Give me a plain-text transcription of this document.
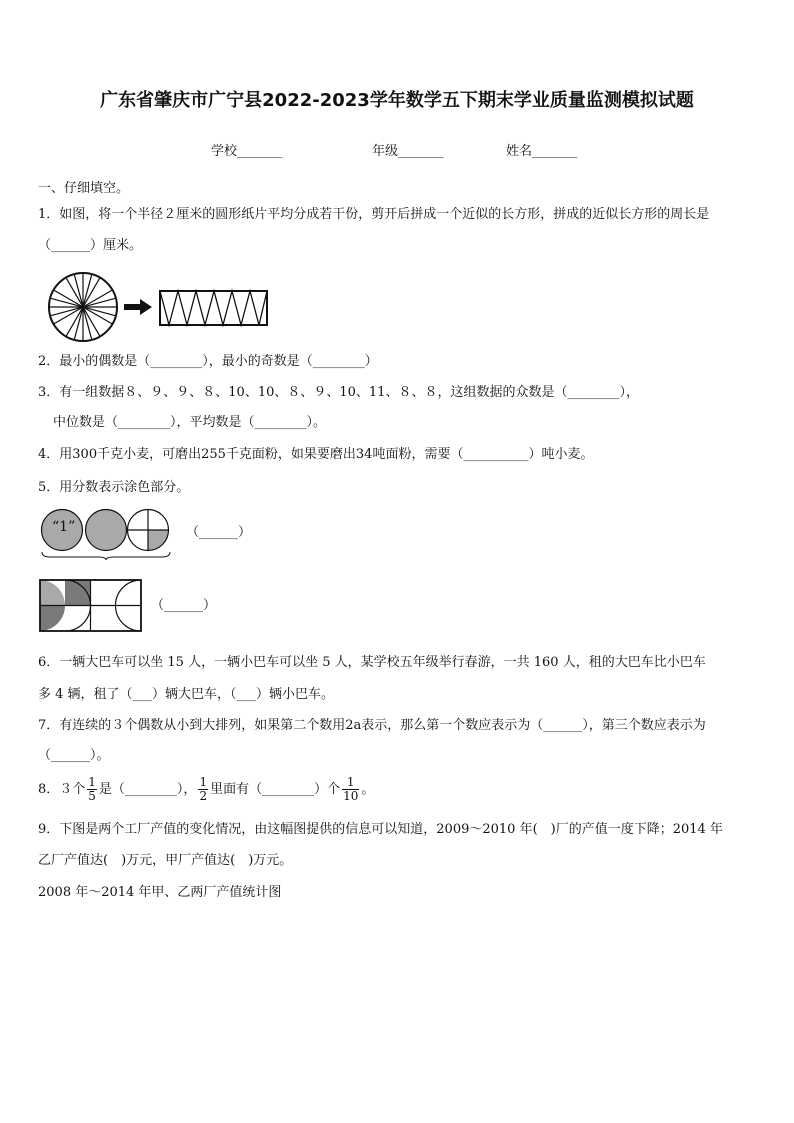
广东省肇庆市广宁县2022-2023学年数学五下期末学业质量监测模拟试题
学校_______	年级_______	姓名_______
一、仔细填空。
1．如图，将一个半径２厘米的圆形纸片平均分成若干份，剪开后拼成一个近似的长方形，拼成的近似长方形的周长是
（______）厘米。
2．最小的偶数是（________），最小的奇数是（________）
3．有一组数据８、９、９、８、10、10、８、９、10、11、８、８，这组数据的众数是（________），
中位数是（________），平均数是（________）。
4．用300千克小麦，可磨出255千克面粉，如果要磨出34吨面粉，需要（__________）吨小麦。
5．用分数表示涂色部分。
“1”	（______）
（______）
6．一辆大巴车可以坐 15 人，一辆小巴车可以坐 5 人，某学校五年级举行春游，一共 160 人，租的大巴车比小巴车
多 4 辆，租了（___）辆大巴车，（___）辆小巴车。
7．有连续的３个偶数从小到大排列，如果第二个数用2a表示，那么第一个数应表示为（______），第三个数应表示为
（______）。
8．３个 $\frac{1}{5}$ 是（________）， $\frac{1}{2}$ 里面有（________）个 $\frac{1}{10}$ 。
9．下图是两个工厂产值的变化情况，由这幅图提供的信息可以知道，2009～2010 年(　)厂的产值一度下降；2014 年
乙厂产值达(　)万元，甲厂产值达(　)万元。
2008 年～2014 年甲、乙两厂产值统计图
